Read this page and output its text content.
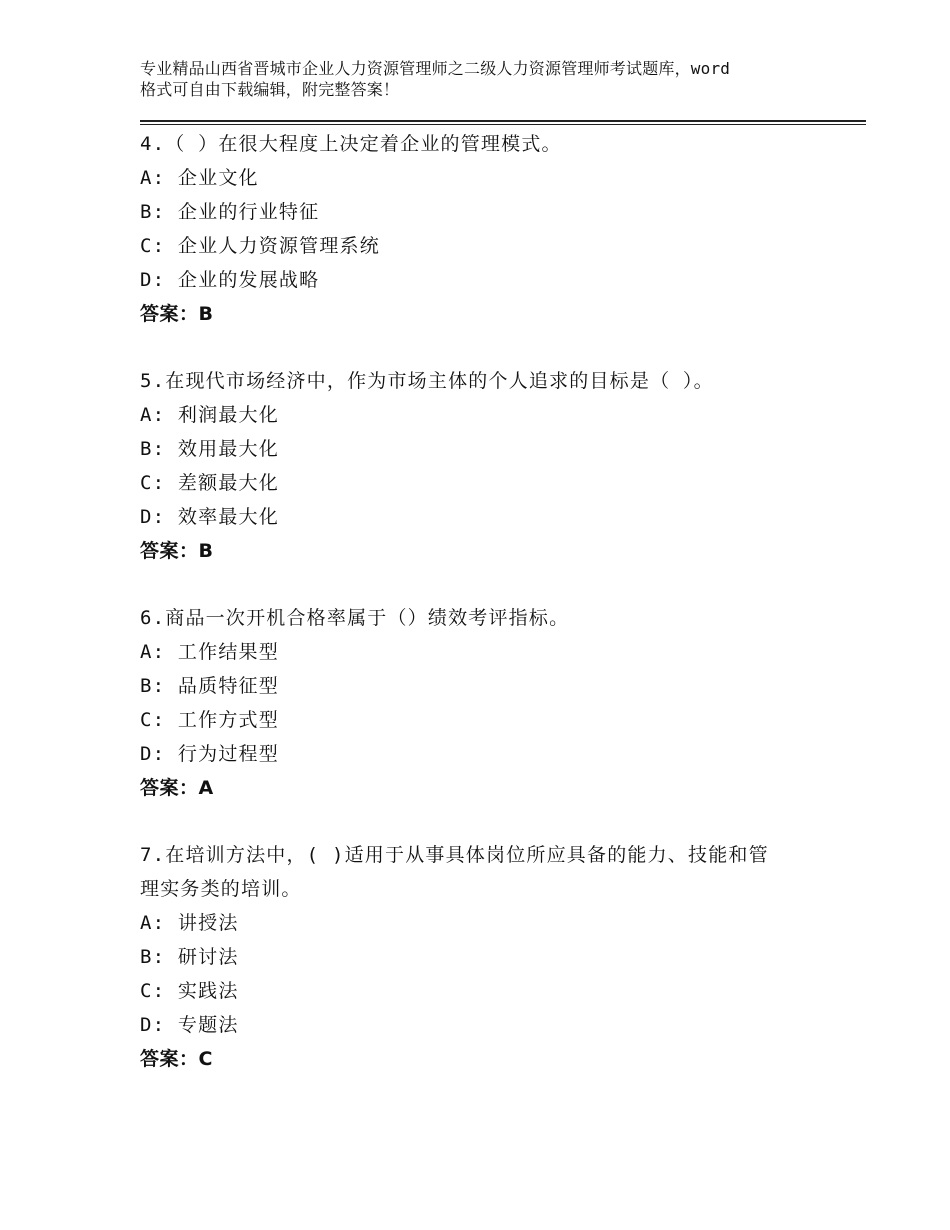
专业精品山西省晋城市企业人力资源管理师之二级人力资源管理师考试题库，word
格式可自由下载编辑，附完整答案！
4.（ ）在很大程度上决定着企业的管理模式。
A: 企业文化
B: 企业的行业特征
C: 企业人力资源管理系统
D: 企业的发展战略
答案：B
5.在现代市场经济中，作为市场主体的个人追求的目标是（ ）。
A: 利润最大化
B: 效用最大化
C: 差额最大化
D: 效率最大化
答案：B
6.商品一次开机合格率属于（）绩效考评指标。
A: 工作结果型
B: 品质特征型
C: 工作方式型
D: 行为过程型
答案：A
7.在培训方法中，( )适用于从事具体岗位所应具备的能力、技能和管
理实务类的培训。
A: 讲授法
B: 研讨法
C: 实践法
D: 专题法
答案：C
